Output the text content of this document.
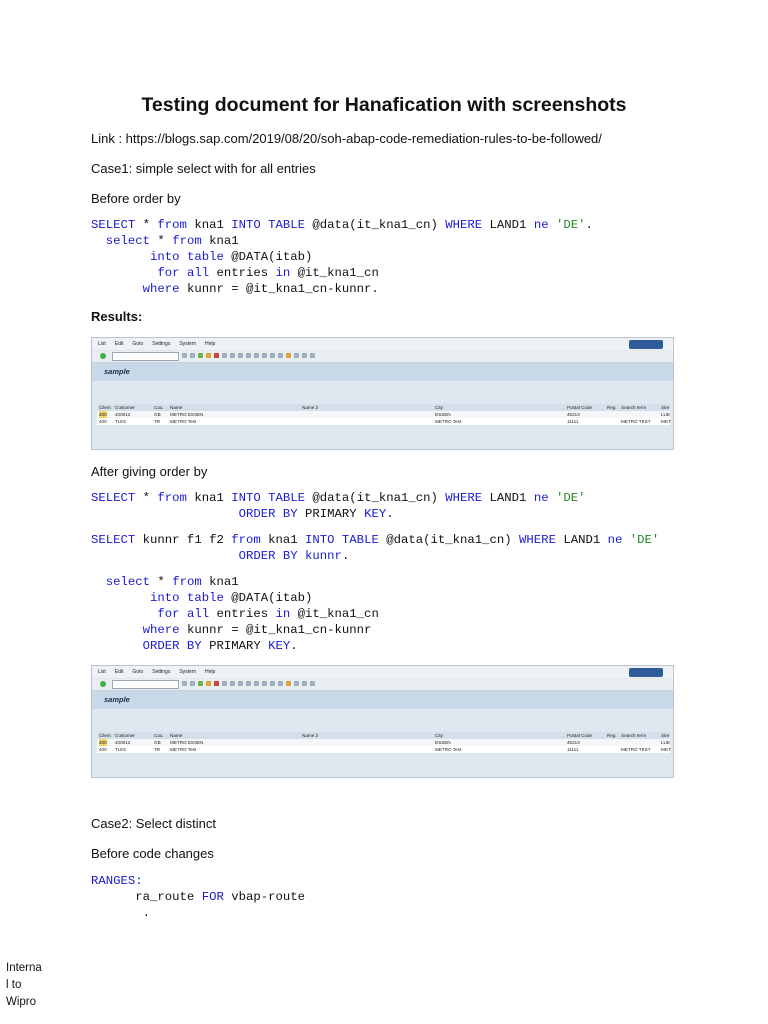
Testing document for Hanafication with screenshots
Link : https://blogs.sap.com/2019/08/20/soh-abap-code-remediation-rules-to-be-followed/
Case1: simple select with for all entries
Before order by
SELECT * from kna1 INTO TABLE @data(it_kna1_cn) WHERE LAND1 ne 'DE'.
select * from kna1
into table @DATA(itab)
for all entries in @it_kna1_cn
where kunnr = @it_kna1_cn-kunnr.
Results:
List Edit Goto Settings System Help
sample
Client Customer	Cou. Name	Name 2	City	Postal Code	Reg. Search term	Stre
400 400012	GB METRO ESSEN	ESSEN	45313	LUE
400 TU01	TR METRO Test	METRO Test	11111	METRO TEST MET
After giving order by
SELECT * from kna1 INTO TABLE @data(it_kna1_cn) WHERE LAND1 ne 'DE'
ORDER BY PRIMARY KEY.
SELECT kunnr f1 f2 from kna1 INTO TABLE @data(it_kna1_cn) WHERE LAND1 ne 'DE'
ORDER BY kunnr.
select * from kna1
into table @DATA(itab)
for all entries in @it_kna1_cn
where kunnr = @it_kna1_cn-kunnr
ORDER BY PRIMARY KEY.
List Edit Goto Settings System Help
sample
Client Customer	Cou. Name	Name 2	City	Postal Code	Reg. Search term	Stre
400 400012	GB METRO ESSEN	ESSEN	45313	LUE
400 TU01	TR METRO Test	METRO Test	11111	METRO TEST MET
Case2: Select distinct
Before code changes
RANGES:
ra_route FOR vbap-route
.
Interna
l to
Wipro
